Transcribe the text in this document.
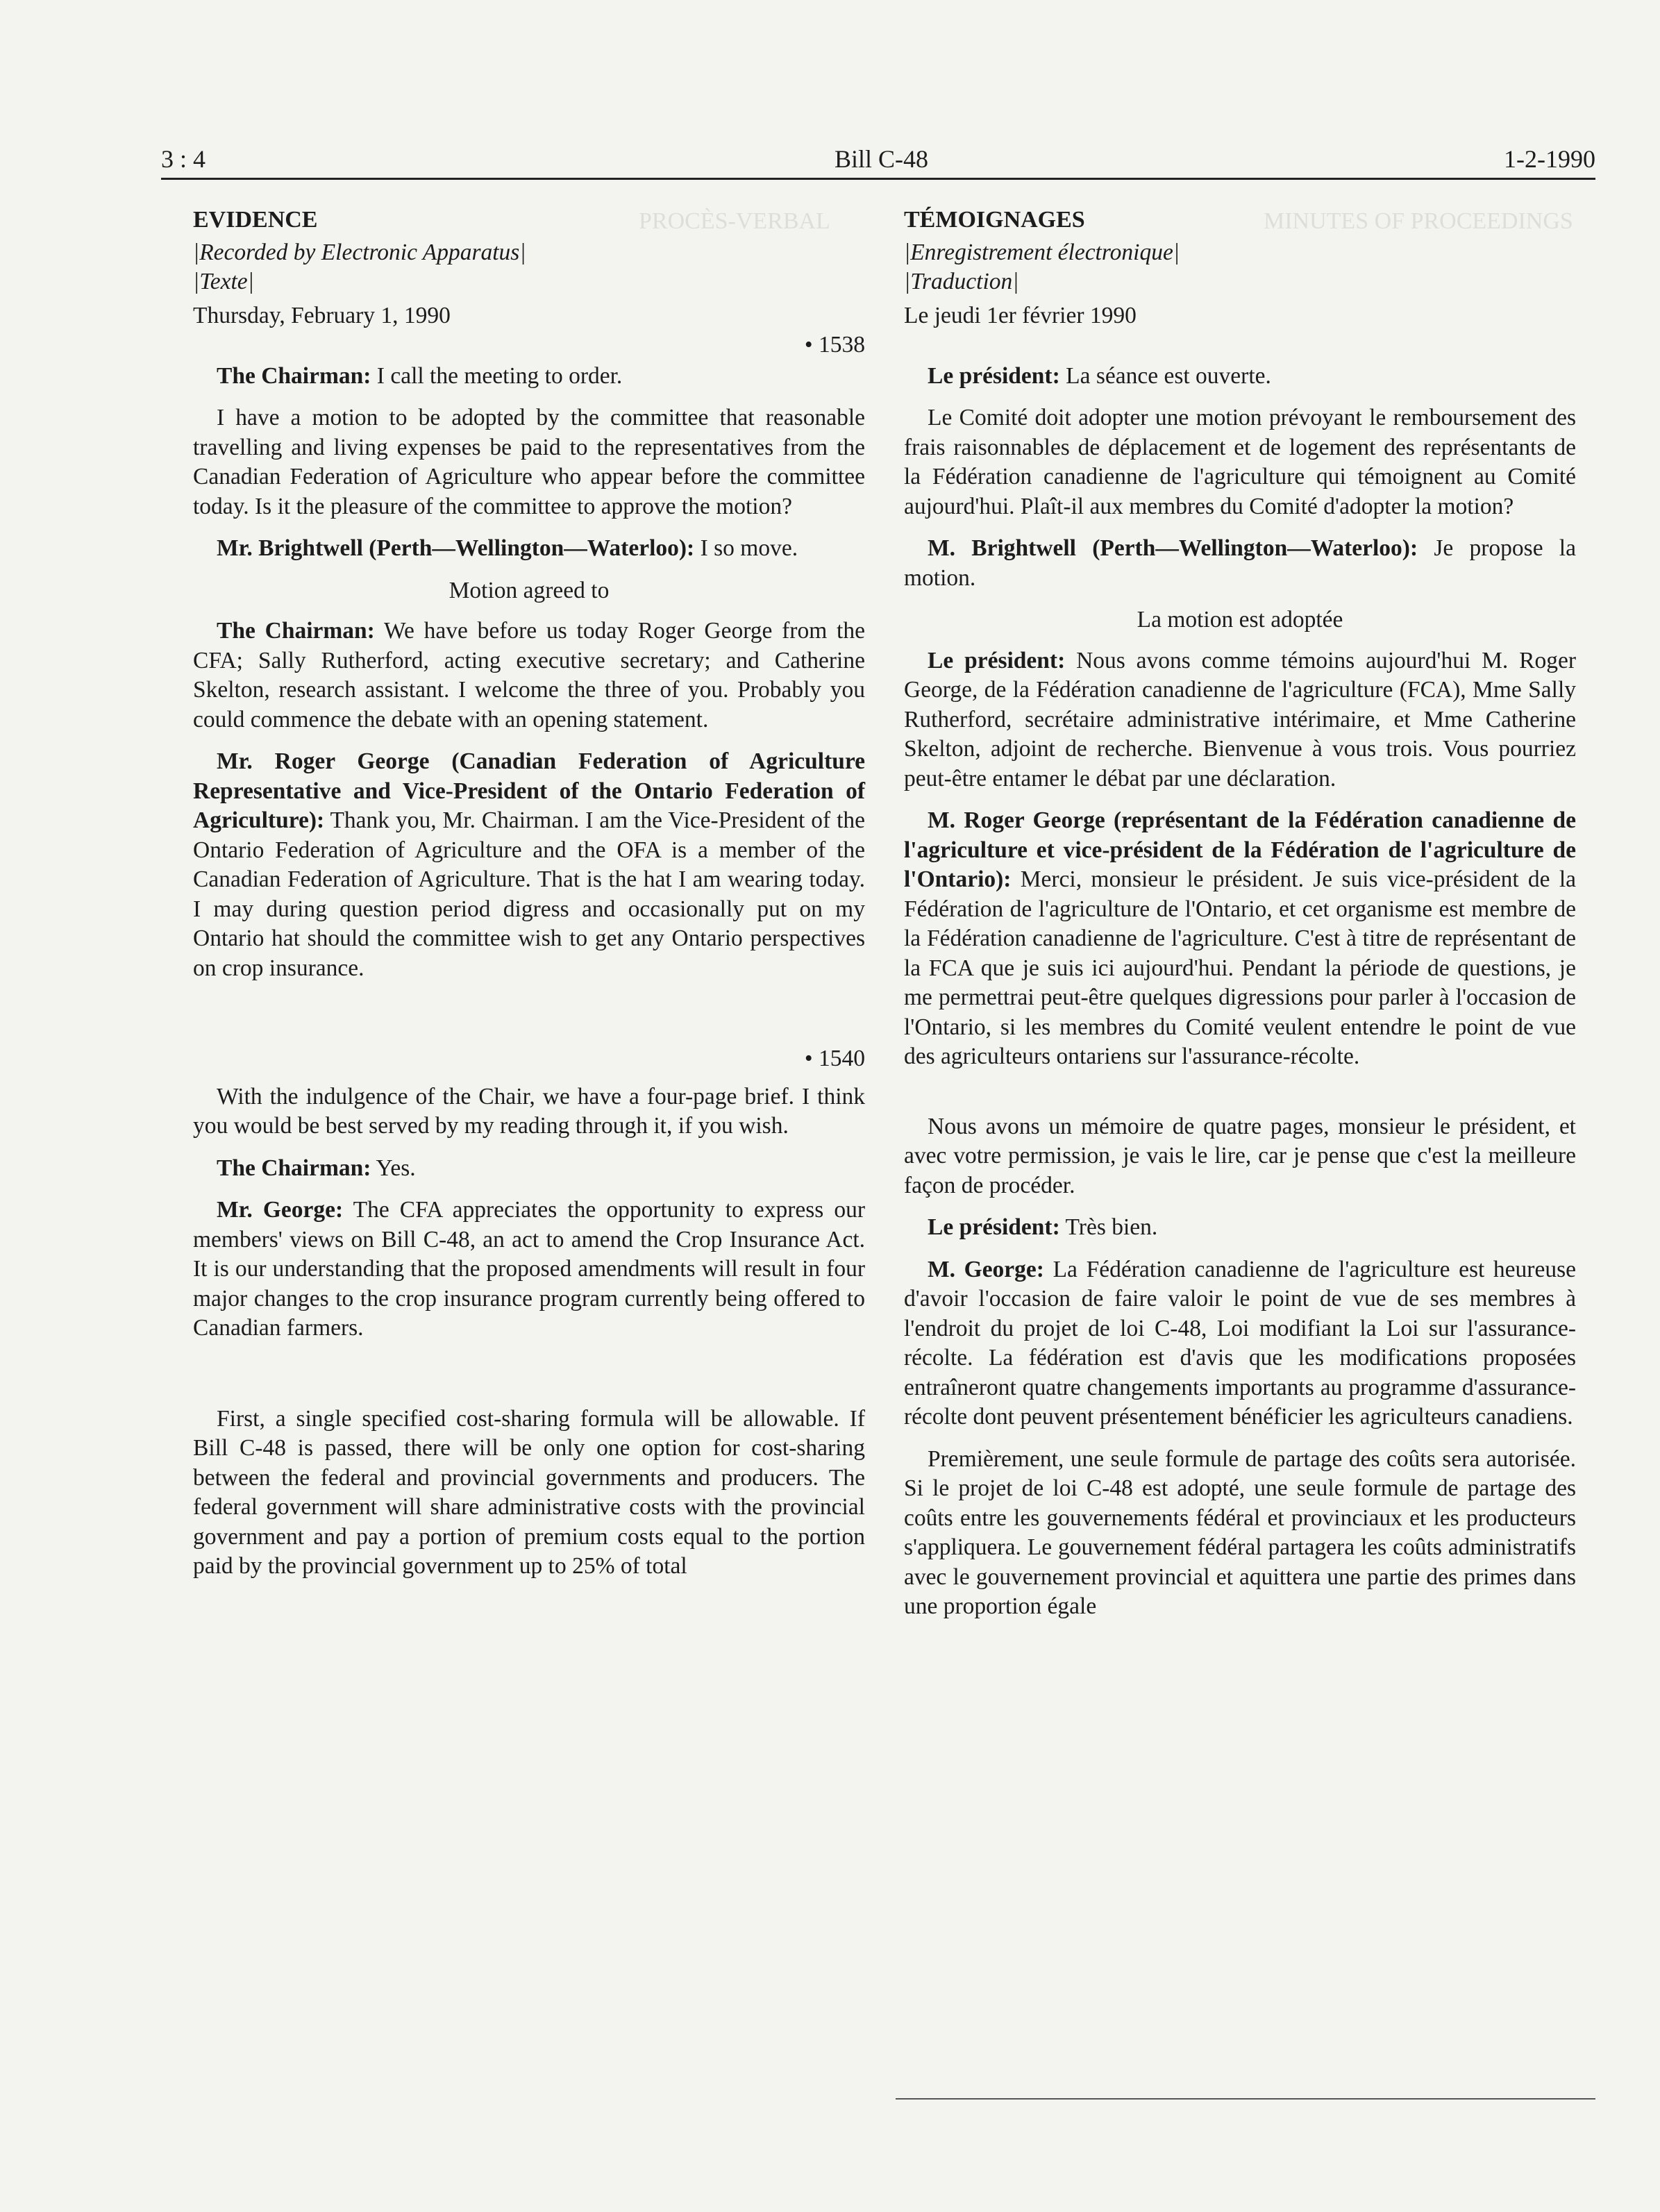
PROCÈS-VERBAL	MINUTES OF PROCEEDINGS
3 : 4	Bill C-48	1-2-1990

EVIDENCE

|Recorded by Electronic Apparatus|

|Texte|

Thursday, February 1, 1990

• 1538

The Chairman: I call the meeting to order.

I have a motion to be adopted by the committee that reasonable travelling and living expenses be paid to the representatives from the Canadian Federation of Agriculture who appear before the committee today. Is it the pleasure of the committee to approve the motion?

Mr. Brightwell (Perth—Wellington—Waterloo): I so move.

Motion agreed to

The Chairman: We have before us today Roger George from the CFA; Sally Rutherford, acting executive secretary; and Catherine Skelton, research assistant. I welcome the three of you. Probably you could commence the debate with an opening statement.

Mr. Roger George (Canadian Federation of Agriculture Representative and Vice-President of the Ontario Federation of Agriculture): Thank you, Mr. Chairman. I am the Vice-President of the Ontario Federation of Agriculture and the OFA is a member of the Canadian Federation of Agriculture. That is the hat I am wearing today. I may during question period digress and occasionally put on my Ontario hat should the committee wish to get any Ontario perspectives on crop insurance.

• 1540

With the indulgence of the Chair, we have a four-page brief. I think you would be best served by my reading through it, if you wish.

The Chairman: Yes.

Mr. George: The CFA appreciates the opportunity to express our members' views on Bill C-48, an act to amend the Crop Insurance Act. It is our understanding that the proposed amendments will result in four major changes to the crop insurance program currently being offered to Canadian farmers.

First, a single specified cost-sharing formula will be allowable. If Bill C-48 is passed, there will be only one option for cost-sharing between the federal and provincial governments and producers. The federal government will share administrative costs with the provincial government and pay a portion of premium costs equal to the portion paid by the provincial government up to 25% of total

TÉMOIGNAGES

|Enregistrement électronique|

|Traduction|

Le jeudi 1er février 1990

Le président: La séance est ouverte.

Le Comité doit adopter une motion prévoyant le remboursement des frais raisonnables de déplacement et de logement des représentants de la Fédération canadienne de l'agriculture qui témoignent au Comité aujourd'hui. Plaît-il aux membres du Comité d'adopter la motion?

M. Brightwell (Perth—Wellington—Waterloo): Je propose la motion.

La motion est adoptée

Le président: Nous avons comme témoins aujourd'hui M. Roger George, de la Fédération canadienne de l'agriculture (FCA), Mme Sally Rutherford, secrétaire administrative intérimaire, et Mme Catherine Skelton, adjoint de recherche. Bienvenue à vous trois. Vous pourriez peut-être entamer le débat par une déclaration.

M. Roger George (représentant de la Fédération canadienne de l'agriculture et vice-président de la Fédération de l'agriculture de l'Ontario): Merci, monsieur le président. Je suis vice-président de la Fédération de l'agriculture de l'Ontario, et cet organisme est membre de la Fédération canadienne de l'agriculture. C'est à titre de représentant de la FCA que je suis ici aujourd'hui. Pendant la période de questions, je me permettrai peut-être quelques digressions pour parler à l'occasion de l'Ontario, si les membres du Comité veulent entendre le point de vue des agriculteurs ontariens sur l'assurance-récolte.

Nous avons un mémoire de quatre pages, monsieur le président, et avec votre permission, je vais le lire, car je pense que c'est la meilleure façon de procéder.

Le président: Très bien.

M. George: La Fédération canadienne de l'agriculture est heureuse d'avoir l'occasion de faire valoir le point de vue de ses membres à l'endroit du projet de loi C-48, Loi modifiant la Loi sur l'assurance-récolte. La fédération est d'avis que les modifications proposées entraîneront quatre changements importants au programme d'assurance-récolte dont peuvent présentement bénéficier les agriculteurs canadiens.

Premièrement, une seule formule de partage des coûts sera autorisée. Si le projet de loi C-48 est adopté, une seule formule de partage des coûts entre les gouvernements fédéral et provinciaux et les producteurs s'appliquera. Le gouvernement fédéral partagera les coûts administratifs avec le gouvernement provincial et aquittera une partie des primes dans une proportion égale
